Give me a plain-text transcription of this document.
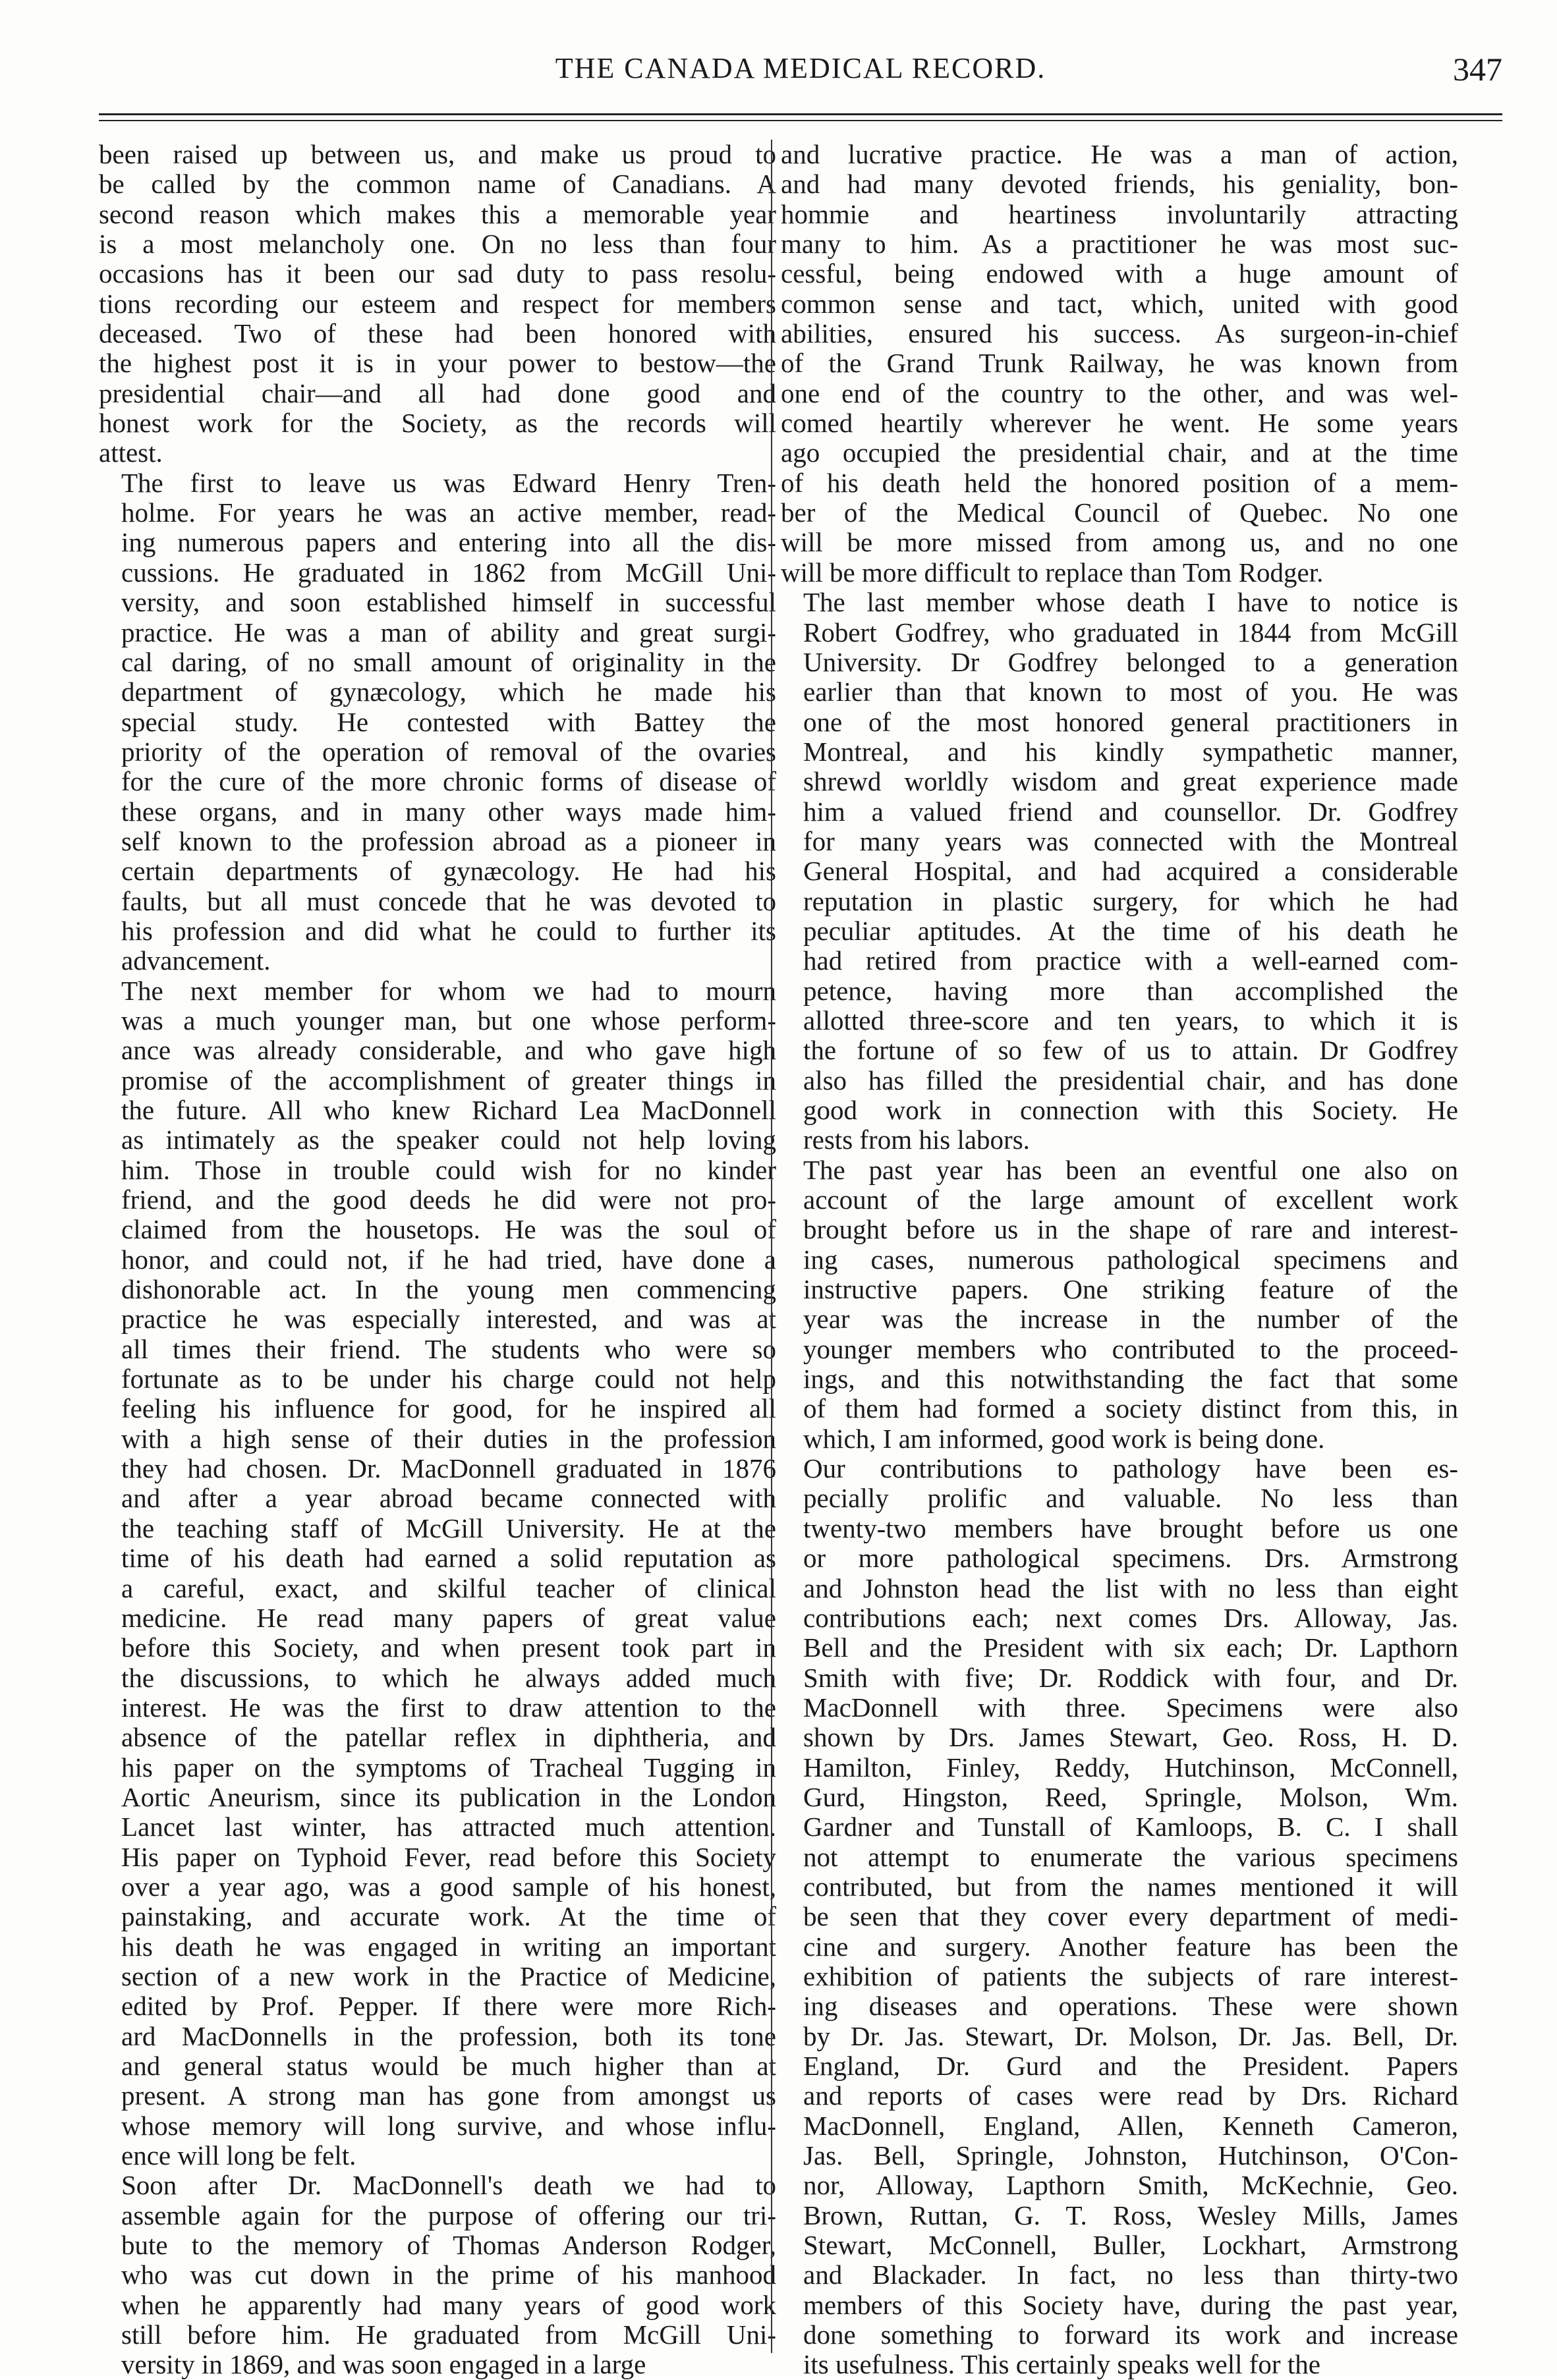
THE CANADA MEDICAL RECORD.	347

been raised up between us, and make us proud to
be called by the common name of Canadians. A
second reason which makes this a memorable year
is a most melancholy one. On no less than four
occasions has it been our sad duty to pass resolu-
tions recording our esteem and respect for members
deceased. Two of these had been honored with
the highest post it is in your power to bestow—the
presidential chair—and all had done good and
honest work for the Society, as the records will
attest.

The first to leave us was Edward Henry Tren-
holme. For years he was an active member, read-
ing numerous papers and entering into all the dis-
cussions. He graduated in 1862 from McGill Uni-
versity, and soon established himself in successful
practice. He was a man of ability and great surgi-
cal daring, of no small amount of originality in the
department of gynæcology, which he made his
special study. He contested with Battey the
priority of the operation of removal of the ovaries
for the cure of the more chronic forms of disease of
these organs, and in many other ways made him-
self known to the profession abroad as a pioneer in
certain departments of gynæcology. He had his
faults, but all must concede that he was devoted to
his profession and did what he could to further its
advancement.

The next member for whom we had to mourn
was a much younger man, but one whose perform-
ance was already considerable, and who gave high
promise of the accomplishment of greater things in
the future. All who knew Richard Lea MacDonnell
as intimately as the speaker could not help loving
him. Those in trouble could wish for no kinder
friend, and the good deeds he did were not pro-
claimed from the housetops. He was the soul of
honor, and could not, if he had tried, have done a
dishonorable act. In the young men commencing
practice he was especially interested, and was at
all times their friend. The students who were so
fortunate as to be under his charge could not help
feeling his influence for good, for he inspired all
with a high sense of their duties in the profession
they had chosen. Dr. MacDonnell graduated in 1876
and after a year abroad became connected with
the teaching staff of McGill University. He at the
time of his death had earned a solid reputation as
a careful, exact, and skilful teacher of clinical
medicine. He read many papers of great value
before this Society, and when present took part in
the discussions, to which he always added much
interest. He was the first to draw attention to the
absence of the patellar reflex in diphtheria, and
his paper on the symptoms of Tracheal Tugging in
Aortic Aneurism, since its publication in the London
Lancet last winter, has attracted much attention.
His paper on Typhoid Fever, read before this Society
over a year ago, was a good sample of his honest,
painstaking, and accurate work. At the time of
his death he was engaged in writing an important
section of a new work in the Practice of Medicine,
edited by Prof. Pepper. If there were more Rich-
ard MacDonnells in the profession, both its tone
and general status would be much higher than at
present. A strong man has gone from amongst us
whose memory will long survive, and whose influ-
ence will long be felt.

Soon after Dr. MacDonnell's death we had to
assemble again for the purpose of offering our tri-
bute to the memory of Thomas Anderson Rodger,
who was cut down in the prime of his manhood
when he apparently had many years of good work
still before him. He graduated from McGill Uni-
versity in 1869, and was soon engaged in a large

and lucrative practice. He was a man of action,
and had many devoted friends, his geniality, bon-
hommie and heartiness involuntarily attracting
many to him. As a practitioner he was most suc-
cessful, being endowed with a huge amount of
common sense and tact, which, united with good
abilities, ensured his success. As surgeon-in-chief
of the Grand Trunk Railway, he was known from
one end of the country to the other, and was wel-
comed heartily wherever he went. He some years
ago occupied the presidential chair, and at the time
of his death held the honored position of a mem-
ber of the Medical Council of Quebec. No one
will be more missed from among us, and no one
will be more difficult to replace than Tom Rodger.

The last member whose death I have to notice is
Robert Godfrey, who graduated in 1844 from McGill
University. Dr Godfrey belonged to a generation
earlier than that known to most of you. He was
one of the most honored general practitioners in
Montreal, and his kindly sympathetic manner,
shrewd worldly wisdom and great experience made
him a valued friend and counsellor. Dr. Godfrey
for many years was connected with the Montreal
General Hospital, and had acquired a considerable
reputation in plastic surgery, for which he had
peculiar aptitudes. At the time of his death he
had retired from practice with a well-earned com-
petence, having more than accomplished the
allotted three-score and ten years, to which it is
the fortune of so few of us to attain. Dr Godfrey
also has filled the presidential chair, and has done
good work in connection with this Society. He
rests from his labors.

The past year has been an eventful one also on
account of the large amount of excellent work
brought before us in the shape of rare and interest-
ing cases, numerous pathological specimens and
instructive papers. One striking feature of the
year was the increase in the number of the
younger members who contributed to the proceed-
ings, and this notwithstanding the fact that some
of them had formed a society distinct from this, in
which, I am informed, good work is being done.

Our contributions to pathology have been es-
pecially prolific and valuable. No less than
twenty-two members have brought before us one
or more pathological specimens. Drs. Armstrong
and Johnston head the list with no less than eight
contributions each; next comes Drs. Alloway, Jas.
Bell and the President with six each; Dr. Lapthorn
Smith with five; Dr. Roddick with four, and Dr.
MacDonnell with three. Specimens were also
shown by Drs. James Stewart, Geo. Ross, H. D.
Hamilton, Finley, Reddy, Hutchinson, McConnell,
Gurd, Hingston, Reed, Springle, Molson, Wm.
Gardner and Tunstall of Kamloops, B. C. I shall
not attempt to enumerate the various specimens
contributed, but from the names mentioned it will
be seen that they cover every department of medi-
cine and surgery. Another feature has been the
exhibition of patients the subjects of rare interest-
ing diseases and operations. These were shown
by Dr. Jas. Stewart, Dr. Molson, Dr. Jas. Bell, Dr.
England, Dr. Gurd and the President. Papers
and reports of cases were read by Drs. Richard
MacDonnell, England, Allen, Kenneth Cameron,
Jas. Bell, Springle, Johnston, Hutchinson, O'Con-
nor, Alloway, Lapthorn Smith, McKechnie, Geo.
Brown, Ruttan, G. T. Ross, Wesley Mills, James
Stewart, McConnell, Buller, Lockhart, Armstrong
and Blackader. In fact, no less than thirty-two
members of this Society have, during the past year,
done something to forward its work and increase
its usefulness. This certainly speaks well for the
